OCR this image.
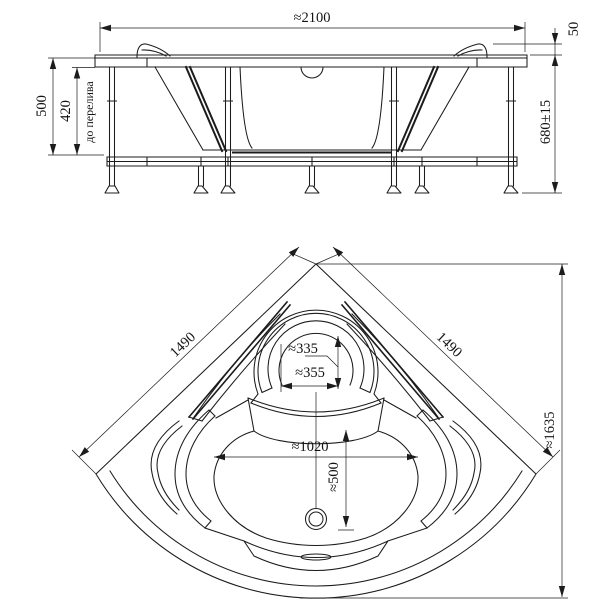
≈2100
50
680±15
500 420 до перелива
1490	1490
≈1635
≈335
≈355
≈1020
≈500
